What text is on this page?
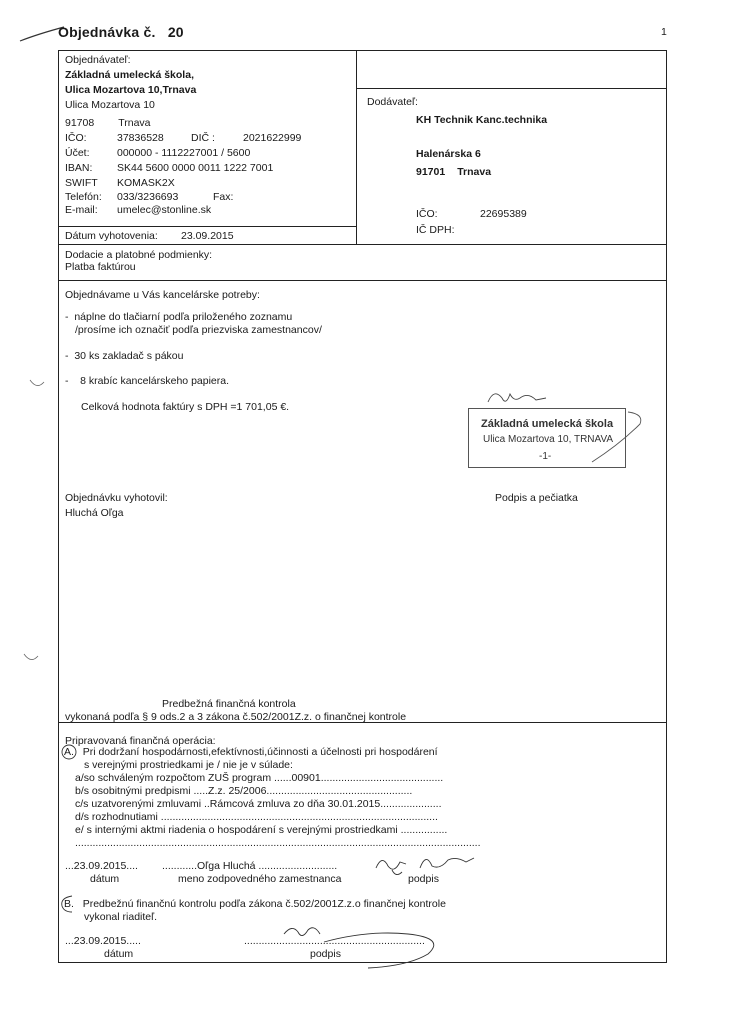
Objednávka č. 20	1
Objednávateľ:
Základná umelecká škola,
Ulica Mozartova 10,Trnava
Ulica Mozartova 10
91708 Trnava
IČO:	37836528	DIČ :	2021622999
Účet:	000000 - 1112227001 / 5600
IBAN: SK44 5600 0000 0011 1222 7001
SWIFT KOMASK2X
Telefón: 033/3236693	Fax:
E-mail: umelec@stonline.sk
Dátum vyhotovenia: 23.09.2015
Dodávateľ:
KH Technik Kanc.technika
Halenárska 6
91701 Trnava
IČO:	22695389
IČ DPH:
Dodacie a platobné podmienky:
Platba faktúrou
Objednávame u Vás kancelárske potreby:
-  náplne do tlačiarní podľa priloženého zoznamu
/prosíme ich označiť podľa priezviska zamestnancov/
-  30 ks zakladač s pákou
-    8 krabíc kancelárskeho papiera.
Celková hodnota faktúry s DPH =1 701,05 €.
Základná umelecká škola
Ulica Mozartova 10, TRNAVA
-1-
Objednávku vyhotovil:
Hluchá Oľga
Podpis a pečiatka
Predbežná finančná kontrola
vykonaná podľa § 9 ods.2 a 3 zákona č.502/2001Z.z. o finančnej kontrole
Pripravovaná finančná operácia:
A. Pri dodržaní hospodárnosti,efektívnosti,účinnosti a účelnosti pri hospodárení
s verejnými prostriedkami je / nie je v súlade:
a/so schváleným rozpočtom ZUŠ program ......00901..........................................
b/s osobitnými predpismi .....Z.z. 25/2006..................................................
c/s uzatvorenými zmluvami ..Rámcová zmluva zo dňa 30.01.2015.....................
d/s rozhodnutiami ...............................................................................................
e/ s internými aktmi riadenia o hospodárení s verejnými prostriedkami ................
...........................................................................................................................................
...23.09.2015.... ............Oľga Hluchá ...........................
dátum	meno zodpovedného zamestnanca	podpis
B. Predbežnú finančnú kontrolu podľa zákona č.502/2001Z.z.o finančnej kontrole
vykonal riaditeľ.
...23.09.2015.....
dátum
..............................................................
podpis
